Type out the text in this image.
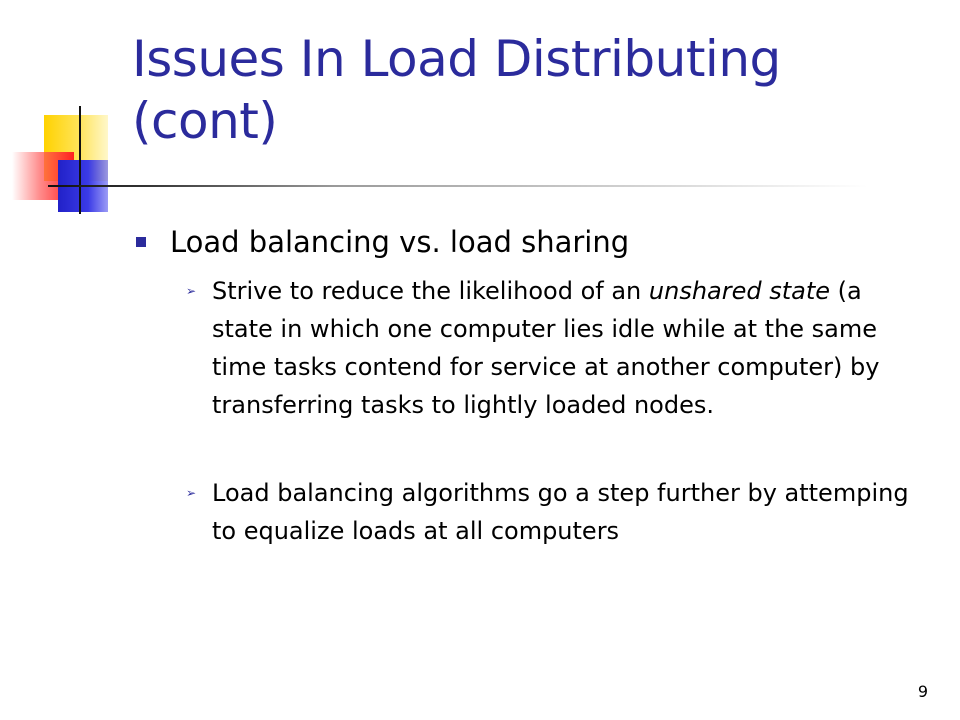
Issues In Load Distributing (cont)
Load balancing vs. load sharing
➢ Strive to reduce the likelihood of an unshared state (a state in which one computer lies idle while at the same time tasks contend for service at another computer) by transferring tasks to lightly loaded nodes.
➢ Load balancing algorithms go a step further by attemping to equalize loads at all computers
9
